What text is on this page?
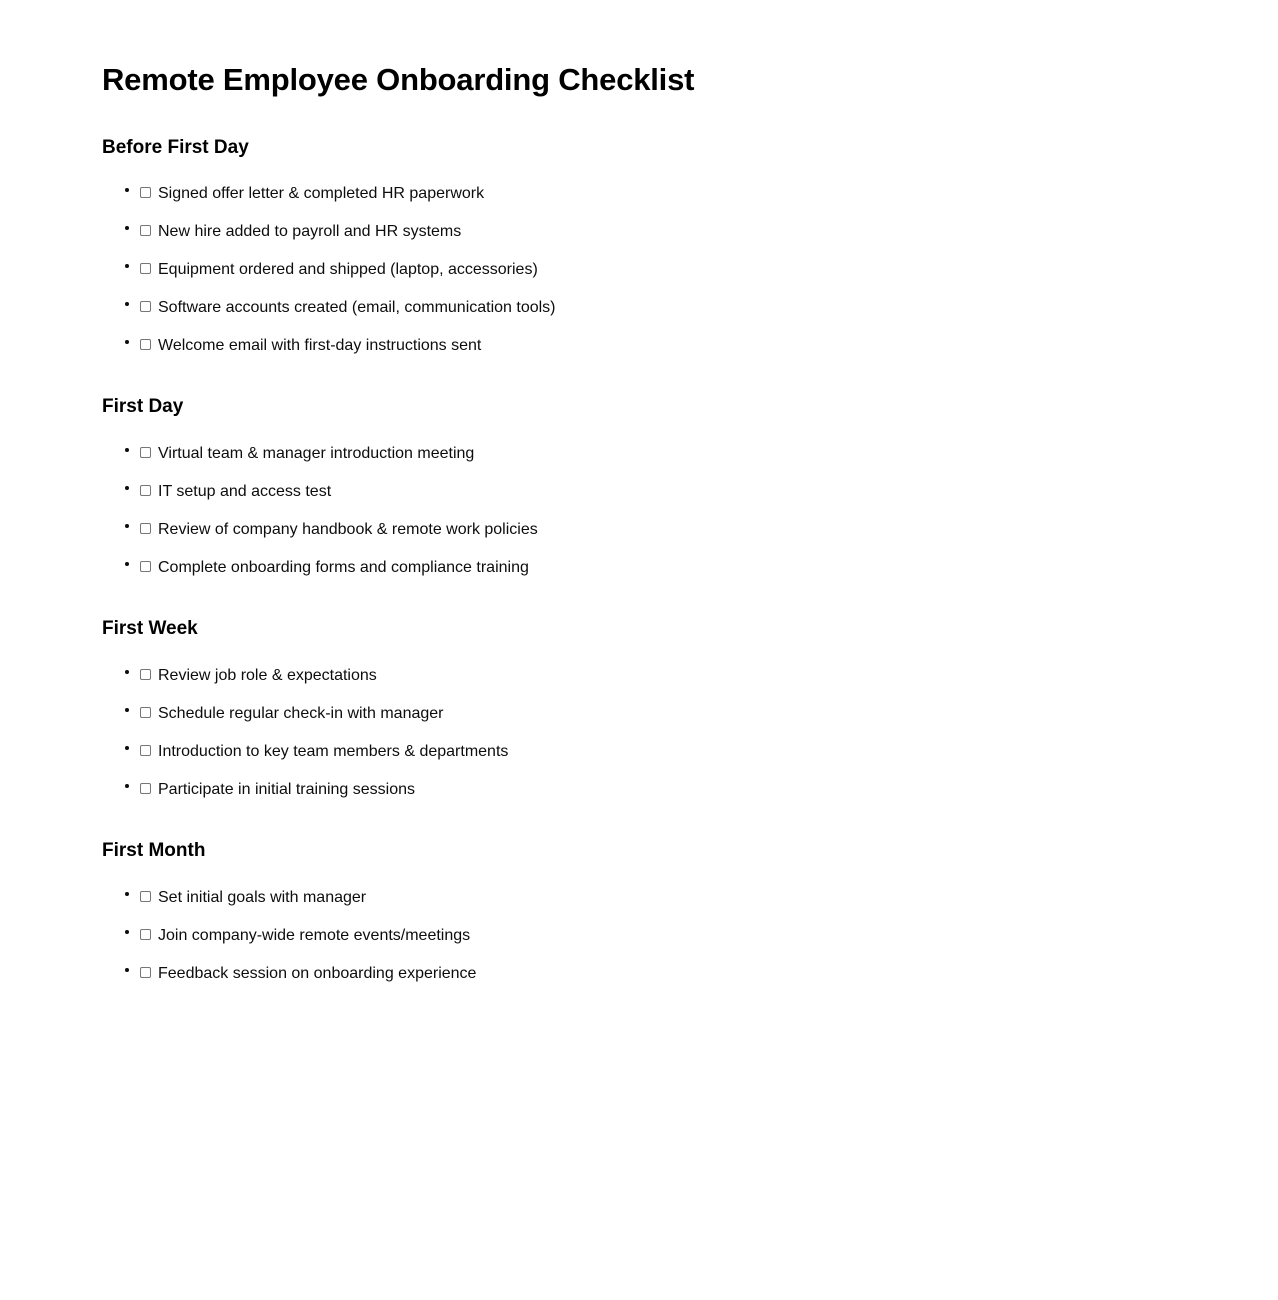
Remote Employee Onboarding Checklist
Before First Day
Signed offer letter & completed HR paperwork
New hire added to payroll and HR systems
Equipment ordered and shipped (laptop, accessories)
Software accounts created (email, communication tools)
Welcome email with first-day instructions sent
First Day
Virtual team & manager introduction meeting
IT setup and access test
Review of company handbook & remote work policies
Complete onboarding forms and compliance training
First Week
Review job role & expectations
Schedule regular check-in with manager
Introduction to key team members & departments
Participate in initial training sessions
First Month
Set initial goals with manager
Join company-wide remote events/meetings
Feedback session on onboarding experience
